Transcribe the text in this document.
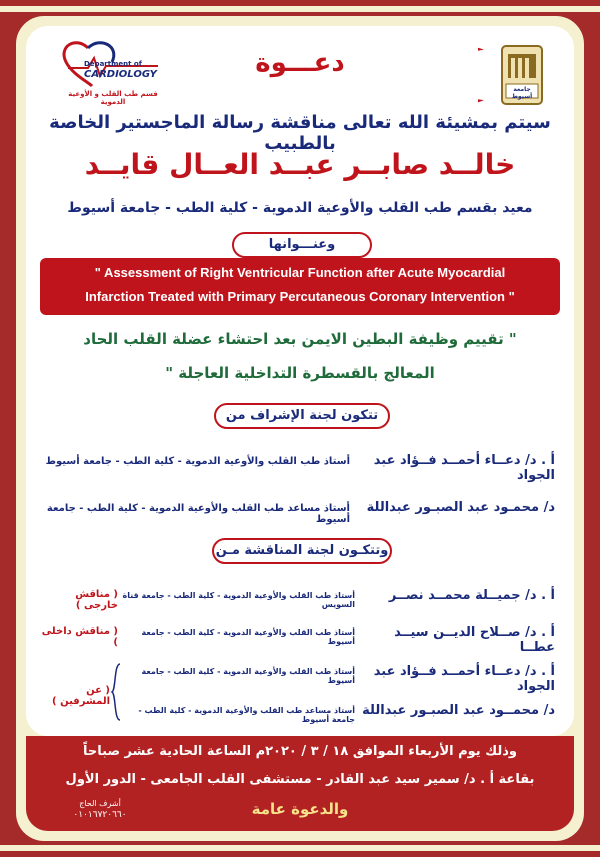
Department of
CARDIOLOGY
قسم طب القلب و الأوعية الدموية
جامعة أسيوط
دعـــوة
سيتم بمشيئة الله تعالى مناقشة رسالة الماجستير الخاصة بالطبيب
خالــد صابــر عبــد العــال قايــد
معيد بقسم طب القلب والأوعية الدموية - كلية الطب - جامعة أسيوط
وعنـــوانها
" Assessment of Right Ventricular Function after Acute Myocardial
Infarction Treated with Primary Percutaneous Coronary Intervention "
" تقييم وظيفة البطين الايمن بعد احتشاء عضلة القلب الحاد
المعالج بالقسطرة التداخلية العاجلة "
تتكون لجنة الإشراف من
أ . د/ دعــاء أحمــد فــؤاد عبد الجواد
أستاذ طب القلب والأوعية الدموية - كلية الطب - جامعة أسيوط
د/ محمـود عبد الصبـور عبداللة
أستاذ مساعد طب القلب والأوعية الدموية - كلية الطب - جامعة أسيوط
وتتكـون لجنة المناقشة مـن
أ . د/ جميــلة محمــد نصــر
أستاذ طب القلب والأوعية الدموية - كلية الطب - جامعة قناة السويس
( مناقش خارجى )
أ . د/ صــلاح الديــن سيــد عطــا
أستاذ طب القلب والأوعية الدموية - كلية الطب - جامعة أسيوط
( مناقش داخلى )
أ . د/ دعــاء أحمــد فــؤاد عبد الجواد
أستاذ طب القلب والأوعية الدموية - كلية الطب - جامعة أسيوط
د/ محمــود عبد الصبـور عبداللة
أستاذ مساعد طب القلب والأوعية الدموية - كلية الطب - جامعة أسيوط
( عن المشرفين )
وذلك يوم الأربعاء الموافق ١٨ / ٣ / ٢٠٢٠م الساعة الحادية عشر صباحاً
بقاعة أ . د/ سمير سيد عبد القادر - مستشفى القلب الجامعى - الدور الأول
والدعوة عامة
أشرف الحاج
٠١٠١٦٧٢٠٦٦٠
